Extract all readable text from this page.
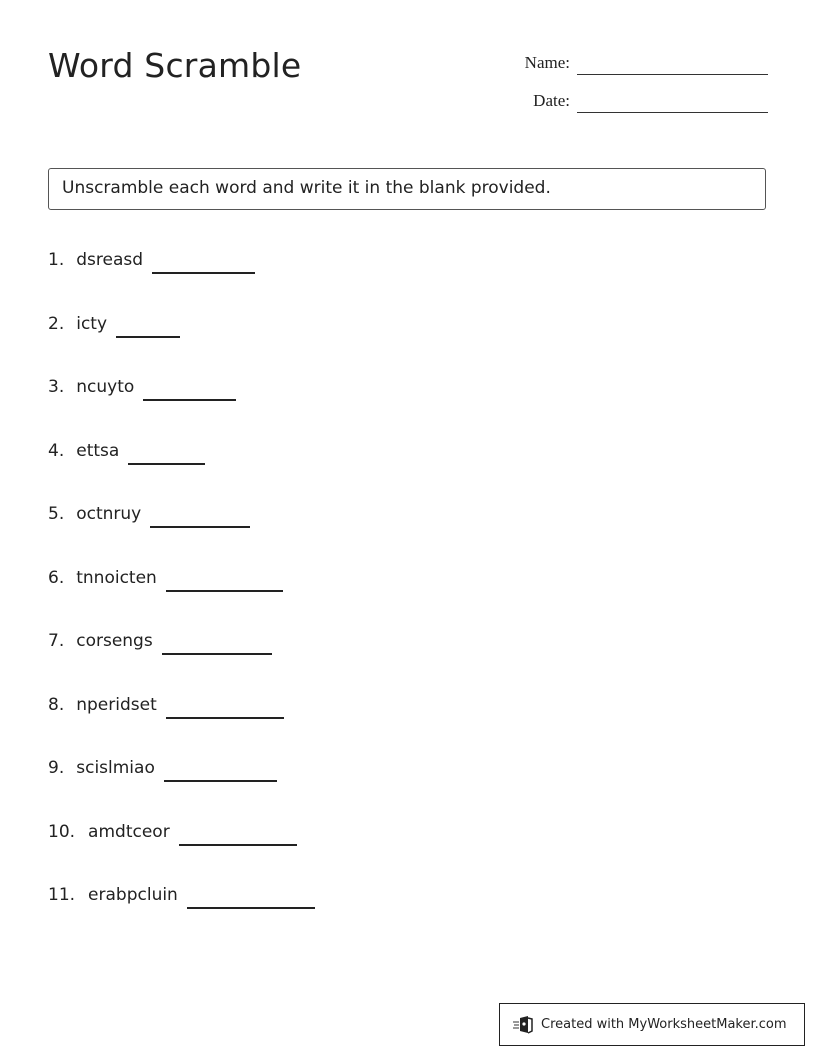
Word Scramble	Name:
Date:
Unscramble each word and write it in the blank provided.
1. dsreasd
2. icty
3. ncuyto
4. ettsa
5. octnruy
6. tnnoicten
7. corsengs
8. nperidset
9. scislmiao
10. amdtceor
11. erabpcluin
Created with MyWorksheetMaker.com
